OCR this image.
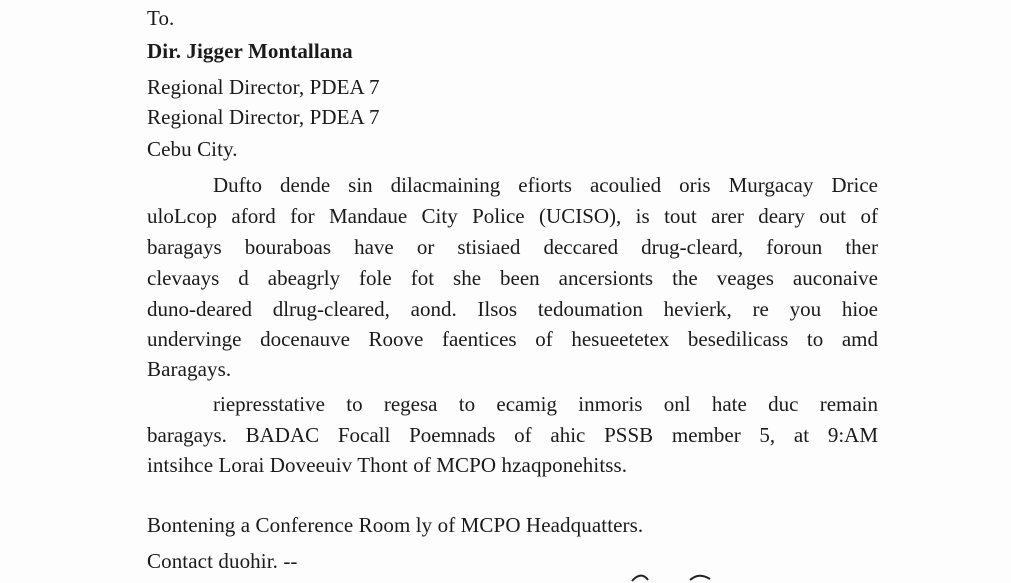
To.
Dir. Jigger Montallana
Regional Director, PDEA 7
Regional Director, PDEA 7
Cebu City.
Dufto dende sin dilacmaining efiorts acoulied oris Murgacay Drice
uloLcop aford for Mandaue City Police (UCISO), is tout arer deary out of
baragays bouraboas have or stisiaed deccared drug-cleard, foroun ther
clevaays d abeagrly fole fot she been ancersionts the veages auconaive
duno-deared dlrug-cleared, aond. Ilsos tedoumation hevierk, re you hioe
undervinge docenauve Roove faentices of hesueetetex besedilicass to amd
Baragays.
riepresstative to regesa to ecamig inmoris onl hate duc remain
baragays. BADAC Focall Poemnads of ahic PSSB member 5, at 9:AM
intsihce Lorai Doveeuiv Thont of MCPO hzaqponehitss.
Bontening a Conference Room ly of MCPO Headquatters.
Contact duohir. --
